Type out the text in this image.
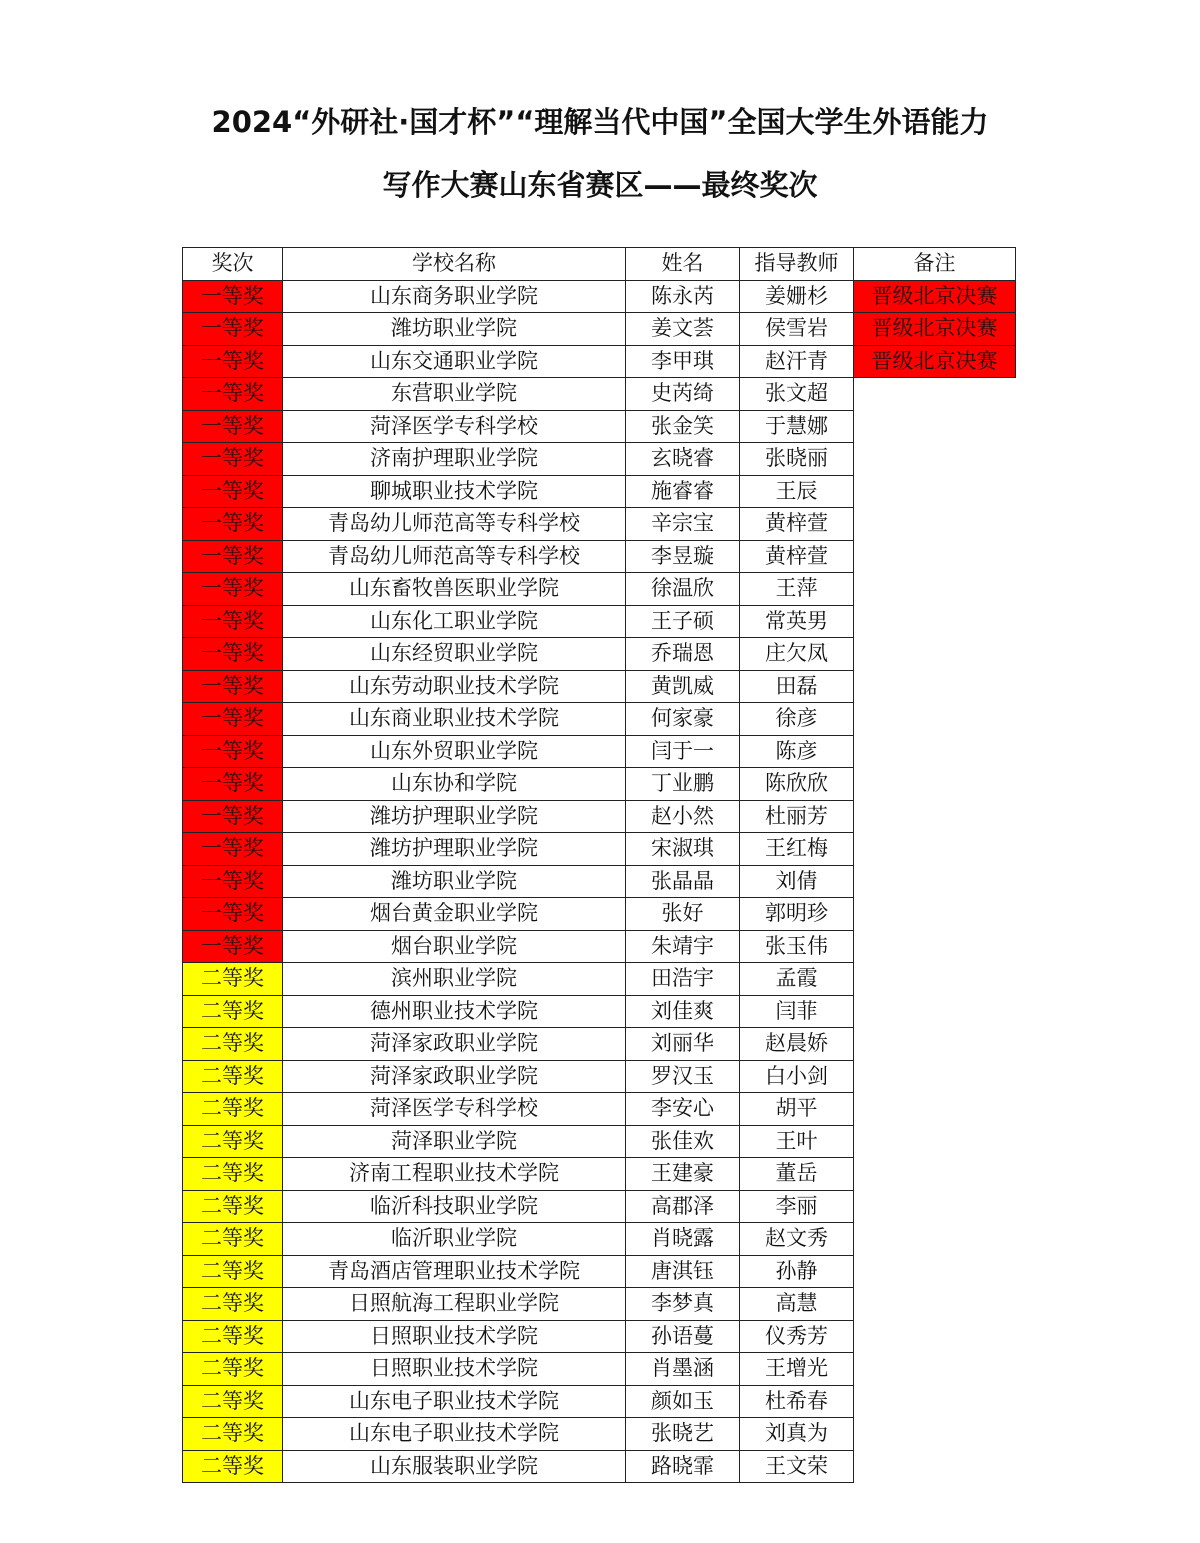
2024“外研社·国才杯”“理解当代中国”全国大学生外语能力
写作大赛山东省赛区——最终奖次
奖次	学校名称	姓名	指导教师	备注
一等奖	山东商务职业学院	陈永芮	姜姗杉	晋级北京决赛
一等奖	潍坊职业学院	姜文荟	侯雪岩	晋级北京决赛
一等奖	山东交通职业学院	李甲琪	赵汗青	晋级北京决赛
一等奖	东营职业学院	史芮绮	张文超	
一等奖	菏泽医学专科学校	张金笑	于慧娜	
一等奖	济南护理职业学院	玄晓睿	张晓丽	
一等奖	聊城职业技术学院	施睿睿	王辰	
一等奖	青岛幼儿师范高等专科学校	辛宗宝	黄梓萱	
一等奖	青岛幼儿师范高等专科学校	李昱璇	黄梓萱	
一等奖	山东畜牧兽医职业学院	徐温欣	王萍	
一等奖	山东化工职业学院	王子硕	常英男	
一等奖	山东经贸职业学院	乔瑞恩	庄欠凤	
一等奖	山东劳动职业技术学院	黄凯威	田磊	
一等奖	山东商业职业技术学院	何家豪	徐彦	
一等奖	山东外贸职业学院	闫于一	陈彦	
一等奖	山东协和学院	丁业鹏	陈欣欣	
一等奖	潍坊护理职业学院	赵小然	杜丽芳	
一等奖	潍坊护理职业学院	宋淑琪	王红梅	
一等奖	潍坊职业学院	张晶晶	刘倩	
一等奖	烟台黄金职业学院	张好	郭明珍	
一等奖	烟台职业学院	朱靖宇	张玉伟	
二等奖	滨州职业学院	田浩宇	孟霞	
二等奖	德州职业技术学院	刘佳爽	闫菲	
二等奖	菏泽家政职业学院	刘丽华	赵晨娇	
二等奖	菏泽家政职业学院	罗汉玉	白小剑	
二等奖	菏泽医学专科学校	李安心	胡平	
二等奖	菏泽职业学院	张佳欢	王叶	
二等奖	济南工程职业技术学院	王建豪	董岳	
二等奖	临沂科技职业学院	高郡泽	李丽	
二等奖	临沂职业学院	肖晓露	赵文秀	
二等奖	青岛酒店管理职业技术学院	唐淇钰	孙静	
二等奖	日照航海工程职业学院	李梦真	高慧	
二等奖	日照职业技术学院	孙语蔓	仪秀芳	
二等奖	日照职业技术学院	肖墨涵	王增光	
二等奖	山东电子职业技术学院	颜如玉	杜希春	
二等奖	山东电子职业技术学院	张晓艺	刘真为	
二等奖	山东服装职业学院	路晓霏	王文荣	
